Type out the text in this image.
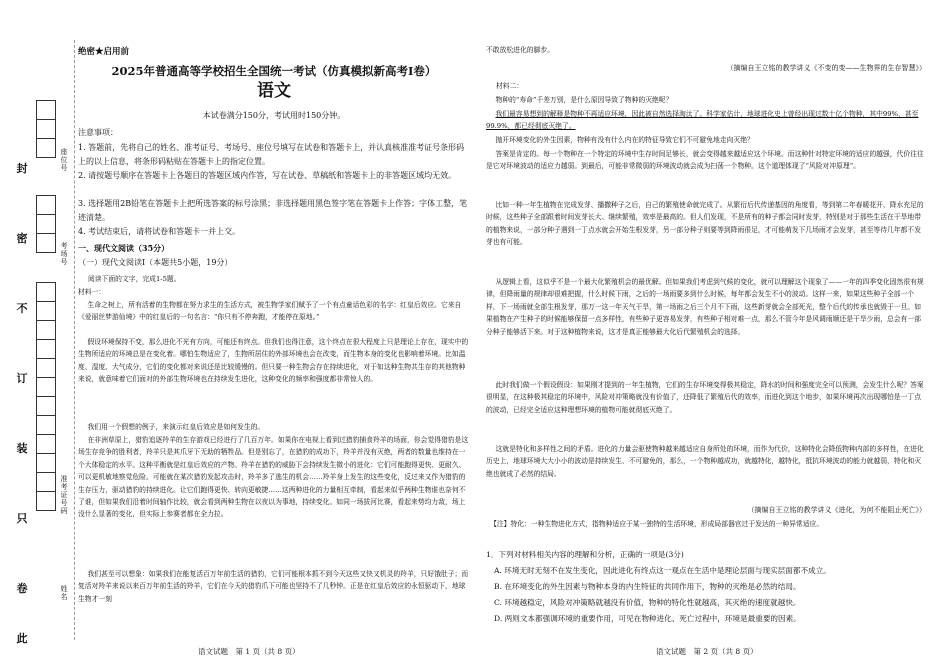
封
密
不
订
装
只
卷
此
座位号
考场号
准考证号码
姓名
绝密★启用前
2025年普通高等学校招生全国统一考试（仿真模拟新高考Ⅰ卷）
语文
本试卷满分150分，考试用时150分钟。
注意事项：
1. 答题前，先将自己的姓名、准考证号、考场号、座位号填写在试卷和答题卡上，并认真核准准考证号条形码上的以上信息，将条形码粘贴在答题卡上的指定位置。
2. 请按题号顺序在答题卡上各题目的答题区域内作答，写在试卷、草稿纸和答题卡上的非答题区域均无效。
3. 选择题用2B铅笔在答题卡上把所选答案的标号涂黑；非选择题用黑色签字笔在答题卡上作答；字体工整，笔迹清楚。
4. 考试结束后，请将试卷和答题卡一并上交。
一、现代文阅读（35分）
（一）现代文阅读Ⅰ（本题共5小题，19分）
阅读下面的文字，完成1-5题。
材料一：
生命之树上，所有活着的生物都在努力求生的生活方式，被生物学家们赋予了一个有点童话色彩的名字：红皇后效应。它来自《爱丽丝梦游仙境》中的红皇后的一句名言：“你只有不停奔跑，才能停在原地。”
假设环境保持不变，那么进化不光有方向，可能还有终点。但我们也得注意，这个终点在很大程度上只是理论上存在，现实中的生物所适应的环境总是在变化着。哪怕生物适应了，生物所居住的外部环境也会在改变，而生物本身的变化也影响着环境。比如温度、湿度、大气成分，它们的变化都对来说还是比较缓慢的。但只要一种生物会存在持续进化，对于如这种生物共生存的其他物种来说，就意味着它们面对的外部生物环境也在持续发生进化，这种变化的频率和强度都非常惊人的。
我们用一个假想的例子，来演示红皇后效应是如何发生的。
在非洲草原上，猎豹追逐羚羊的生存游戏已经进行了几百万年。如果你在电视上看到过猎豹捕食羚羊的场面，你会觉得猎豹是这场生存竞争的胜利者，羚羊只是其爪牙下无助的牺牲品。但是别忘了，在猎豹的成功下，羚羊并没有灭绝，两者的数量也维持在一个大体稳定的水平。这种平衡就是红皇后效应的产物。羚羊在猎豹的威胁下会持续发生微小的进化：它们可能跑得更快、更耐久、可以更机敏地察觉危险。可能就在某次猎豹发起攻击时，羚羊多了逃生的机会……羚羊身上发生的这些变化，反过来又作为猎豹的生存压力，驱动猎豹的持续进化。让它们跑得更快、转向更敏捷……这两种进化的力量相互牵制，看起来似乎两种生物谁也奈何不了谁，但如果我们沿着时间轴作比较，就会看到两种生物在以夜以为事地，持续变化。如同一场拔河比赛，看起来势均力敌，场上没什么显著的变化，但实际上参赛者都在全力拉。
我们甚至可以想象：如果我们在能复活百万年前生活的猎豹，它们可能根本抓不到今天这些又快又机灵的羚羊，只好饿肚子；而复活对羚羊来说以来百万年前生活的羚羊，它们在今天的猎豹爪下可能也坚持不了几秒钟。正是在红皇后效应的永恒驱动下，地球生物才一刻
语文试题　第 1 页（共 8 页）
不敢放松进化的脚步。
（摘编自王立铭的教学讲义《不变的变——生物界的生存智慧》）
材料二：
物种的“寿命”千差万别，是什么原因导致了物种的灭绝呢？
我们最容易想到的解释是物种不再适应环境，因此被自然选择淘汰了。科学家估计，地球进化史上曾经出现过数十亿个物种，其中99%，甚至99.9%，都已经彻底灭绝了。
抛开环境变化的外生因素，物种有没有什么内在的特征导致它们不可避免地走向灭绝？
答案是肯定的。每一个物种在一个特定的环境中生存时间足够长，就会变得越来越适应这个环境。而这种针对特定环境的适应的越强，代价往往是它对环境波动的适应力越弱。到最后，可能非常微弱的环境波动就会成为扫荡一个物种。这个道理体现了“风险对冲原理”。
比如一种一年生植物在完成发芽、播撒种子之后，自己的繁殖使命就完成了。从繁衍后代传递基因的角度看，等到第二年春暖花开、降水充足的时候，这些种子全部跟着时间发芽长大、继续繁殖，效率是最高的。但人们发现，不是所有的种子都会同时发芽，特别是对于那些生活在干旱地带的植物来说，一部分种子遇到一丁点水就会开始生根发芽，另一部分种子则要等到降雨很足，才可能萌发下几场雨才会发芽，甚至等待几年都不发芽也有可能。
从逻辑上看，这似乎不是一个最大化繁殖机会的最优解。但如果我们考虑到气候的变化，就可以理解这个现象了——一年的四季变化固然很有规律，但降雨量的规律却很难把握，什么时候下雨，之后的一场雨要多到什么时候，每年都会发生不小的波动。这样一来，如果这些种子全部一个样，下一场雨就全部生根发芽，那万一这一年天气干旱，第一场雨之后三个月不下雨，这些新芽就会全部死光，整个后代的传承也就毁于一旦。如果植物在产生种子的时候能够保留一点多样性，有些种子更容易发芽，有些种子相对难一点，那么不管今年是风调雨顺还是干旱少雨，总会有一部分种子能够活下来。对于这种植物来说，这才是真正能够最大化后代繁殖机会的选择。
此时我们做一个假设假设：如果刚才提到的一年生植物，它们的生存环境变得极其稳定，降水的时间和强度完全可以预测，会发生什么呢？答案很明显，在这种极其稳定的环境中，风险对冲策略就没有价值了，还降低了繁殖后代的效率，而进化到这个地步，如果环境再次出现哪怕是一丁点的波动，已经完全适应这种理想环境的植物可能就彻底灭绝了。
这就是特化和多样性之间的矛盾。进化的力量会驱使物种越来越适应自身所处的环境，而作为代价，这种特化会降低物种内部的多样性，在进化历史上，地球环境大大小小的波动是持续发生、不可避免的，那么，一个物种越成功，就越特化，越特化，抵抗环境波动的能力就越弱，特化和灭绝也就成了必然的结局。
（摘编自王立铭的教学讲义《进化，为何不能阻止死亡》）
【注】特化：一种生物进化方式，指物种适应于某一独特的生活环境，形成局部器官过于发达的一种异常适应。
1．下列对材料相关内容的理解和分析，正确的一项是(3分)
A. 环境无时无刻不在发生变化，因此进化有终点这一观点在生活中是理论层面与现实层面都不成立。
B. 在环境变化的外生因素与物种本身的内生特征的共同作用下，物种的灭绝是必然的结局。
C. 环境越稳定，风险对冲策略就越没有价值，物种的特化性就越高，其灭绝的速度就越快。
D. 两则文本都强调环境的重要作用，可见在物种进化、死亡过程中，环境是最重要的因素。
语文试题　第 2 页（共 8 页）
